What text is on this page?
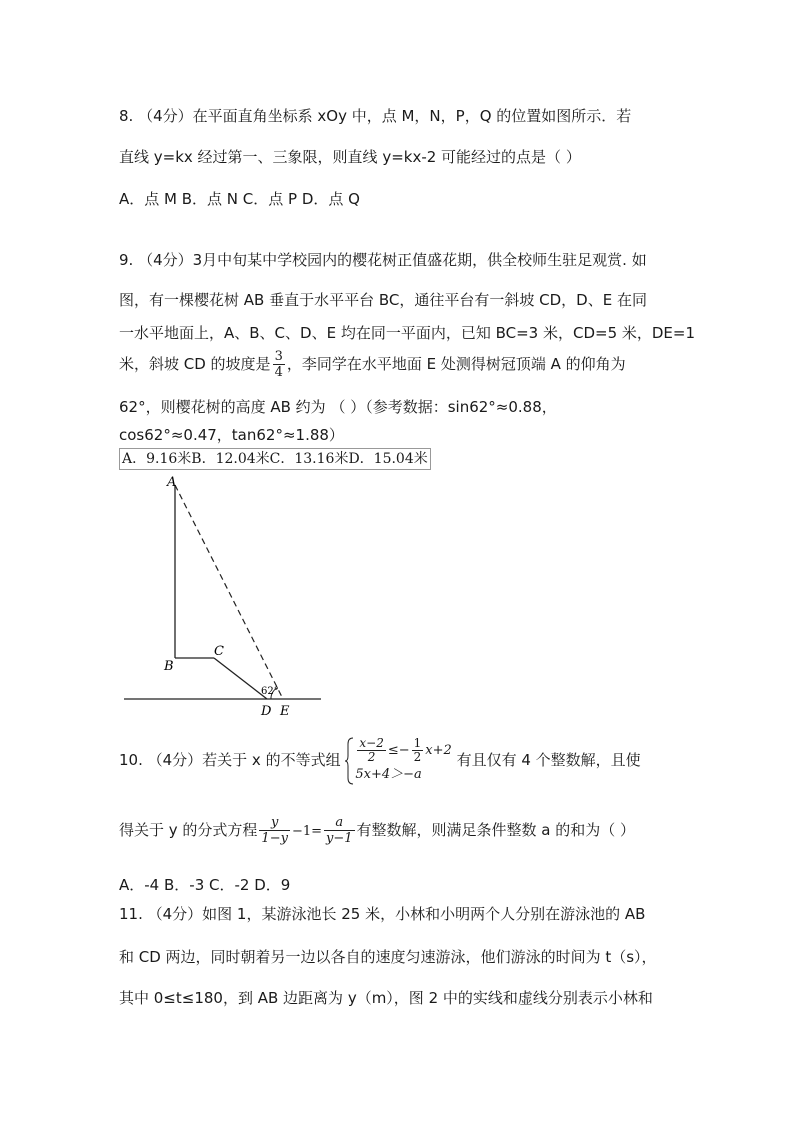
8. （4分）在平面直角坐标系 xOy 中，点 M，N，P，Q 的位置如图所示．若
直线 y=kx 经过第一、三象限，则直线 y=kx-2 可能经过的点是（ ）
A．点 M B．点 N C．点 P D．点 Q
9. （4分）3月中旬某中学校园内的樱花树正值盛花期，供全校师生驻足观赏. 如
图，有一棵樱花树 AB 垂直于水平平台 BC，通往平台有一斜坡 CD，D、E 在同
一水平地面上，A、B、C、D、E 均在同一平面内，已知 BC=3 米，CD=5 米，DE=1
米，斜坡 CD 的坡度是 $\frac{3}{4}$ ，李同学在水平地面 E 处测得树冠顶端 A 的仰角为
62°，则樱花树的高度 AB 约为 （ ）（参考数据：sin62°≈0.88，
cos62°≈0.47，tan62°≈1.88）
A．9.16米B．12.04米C．13.16米D．15.04米
A
B
C
D E
62°
10. （4分）若关于 x 的不等式组 $\frac{x-2}{2} \le- \frac{1}{2} x+2$
5x+4＞−a
有且仅有 4 个整数解，且使
得关于 y 的分式方程 $\frac{y}{1-y} -1= \frac{a}{y-1}$ 有整数解，则满足条件整数 a 的和为（ ）
A．-4 B．-3 C．-2 D．9
11. （4分）如图 1，某游泳池长 25 米，小林和小明两个人分别在游泳池的 AB
和 CD 两边，同时朝着另一边以各自的速度匀速游泳，他们游泳的时间为 t（s），
其中 0≤t≤180，到 AB 边距离为 y（m），图 2 中的实线和虚线分别表示小林和
